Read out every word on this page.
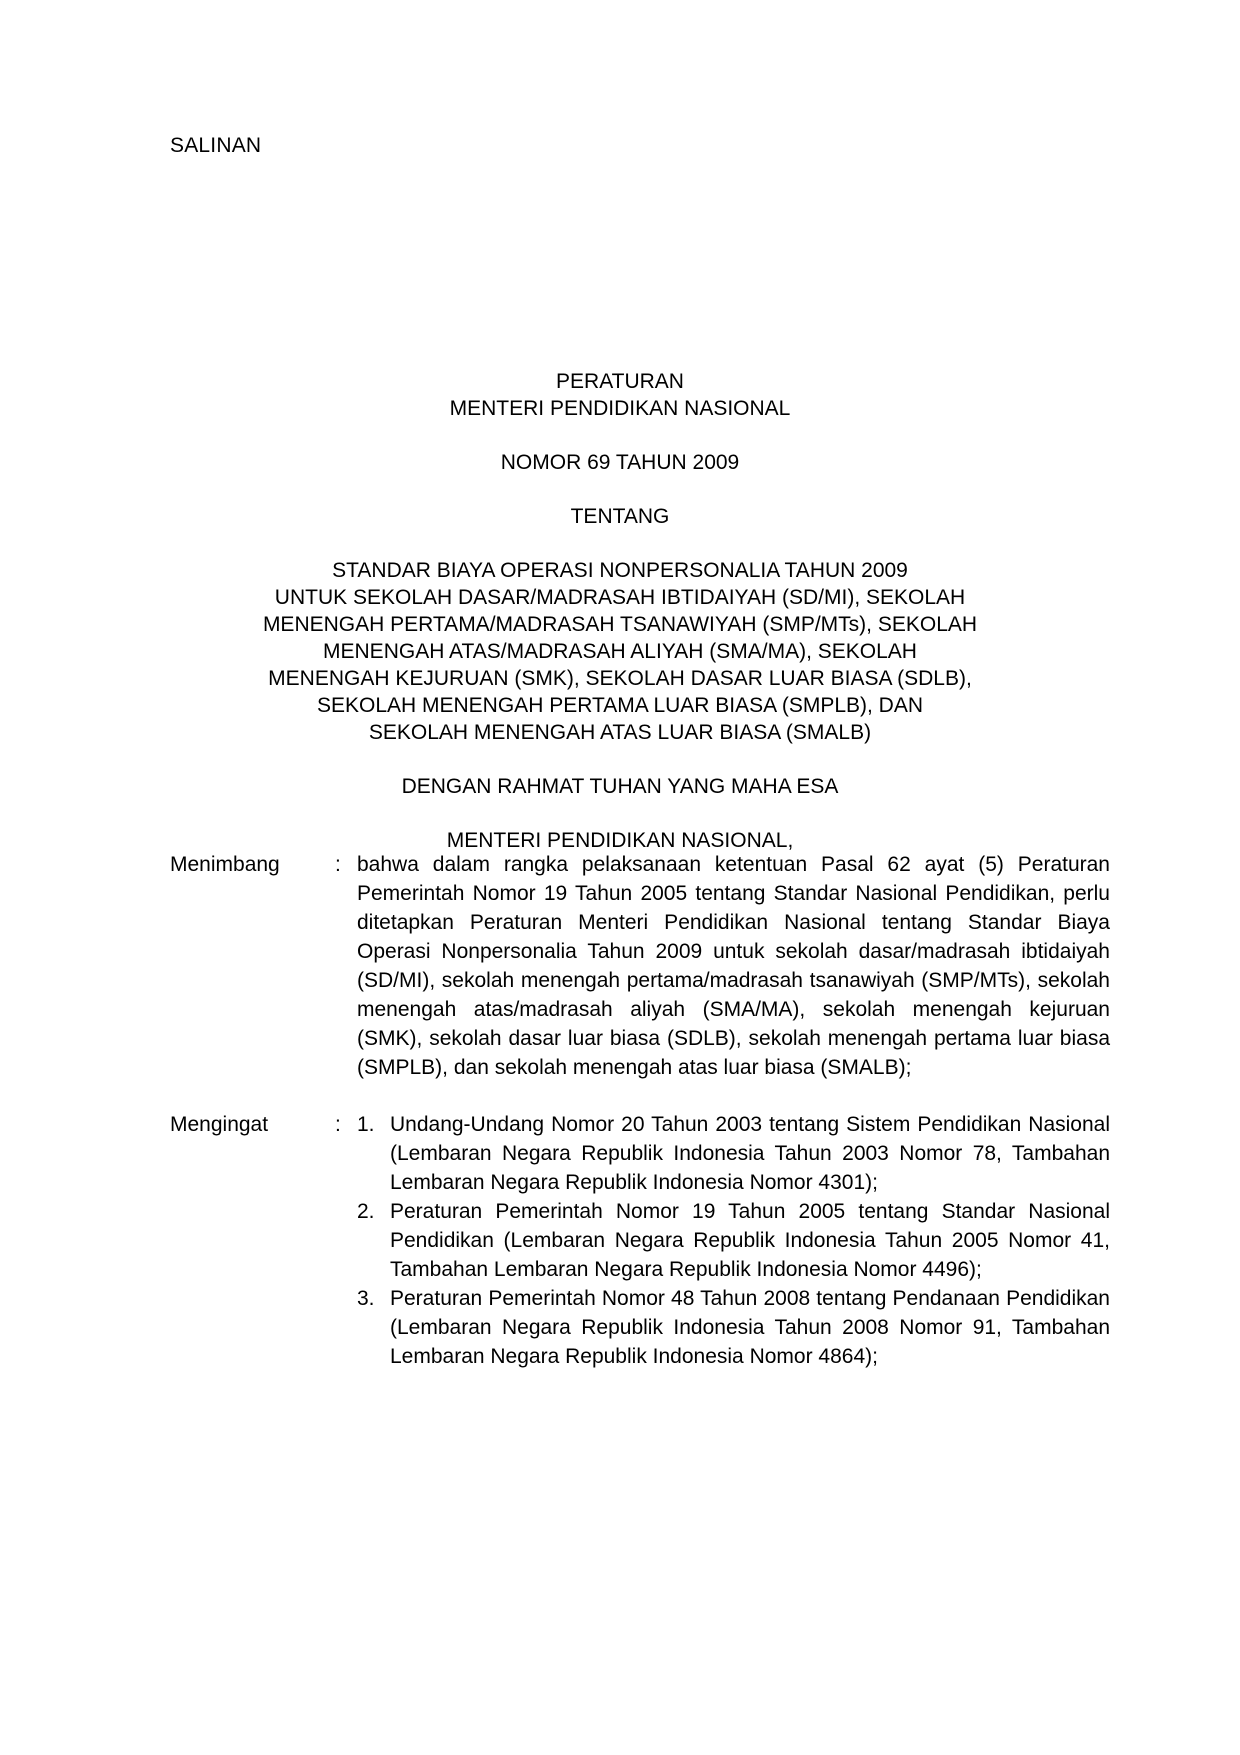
SALINAN
PERATURAN
MENTERI PENDIDIKAN NASIONAL
NOMOR 69 TAHUN 2009
TENTANG
STANDAR BIAYA OPERASI NONPERSONALIA TAHUN 2009
UNTUK SEKOLAH DASAR/MADRASAH IBTIDAIYAH (SD/MI), SEKOLAH
MENENGAH PERTAMA/MADRASAH TSANAWIYAH (SMP/MTs), SEKOLAH
MENENGAH ATAS/MADRASAH ALIYAH (SMA/MA), SEKOLAH
MENENGAH KEJURUAN (SMK), SEKOLAH DASAR LUAR BIASA (SDLB),
SEKOLAH MENENGAH PERTAMA LUAR BIASA (SMPLB), DAN
SEKOLAH MENENGAH ATAS LUAR BIASA (SMALB)
DENGAN RAHMAT TUHAN YANG MAHA ESA
MENTERI PENDIDIKAN NASIONAL,
Menimbang	: bahwa dalam rangka pelaksanaan ketentuan Pasal 62 ayat (5) Peraturan Pemerintah Nomor 19 Tahun 2005 tentang Standar Nasional Pendidikan, perlu ditetapkan Peraturan Menteri Pendidikan Nasional tentang Standar Biaya Operasi Nonpersonalia Tahun 2009 untuk sekolah dasar/madrasah ibtidaiyah (SD/MI), sekolah menengah pertama/madrasah tsanawiyah (SMP/MTs), sekolah menengah atas/madrasah aliyah (SMA/MA), sekolah menengah kejuruan (SMK), sekolah dasar luar biasa (SDLB), sekolah menengah pertama luar biasa (SMPLB), dan sekolah menengah atas luar biasa (SMALB);

Mengingat	: 1. Undang-Undang Nomor 20 Tahun 2003 tentang Sistem Pendidikan Nasional (Lembaran Negara Republik Indonesia Tahun 2003 Nomor 78, Tambahan Lembaran Negara Republik Indonesia Nomor 4301);
2. Peraturan Pemerintah Nomor 19 Tahun 2005 tentang Standar Nasional Pendidikan (Lembaran Negara Republik Indonesia Tahun 2005 Nomor 41, Tambahan Lembaran Negara Republik Indonesia Nomor 4496);
3. Peraturan Pemerintah Nomor 48 Tahun 2008 tentang Pendanaan Pendidikan (Lembaran Negara Republik Indonesia Tahun 2008 Nomor 91, Tambahan Lembaran Negara Republik Indonesia Nomor 4864);
